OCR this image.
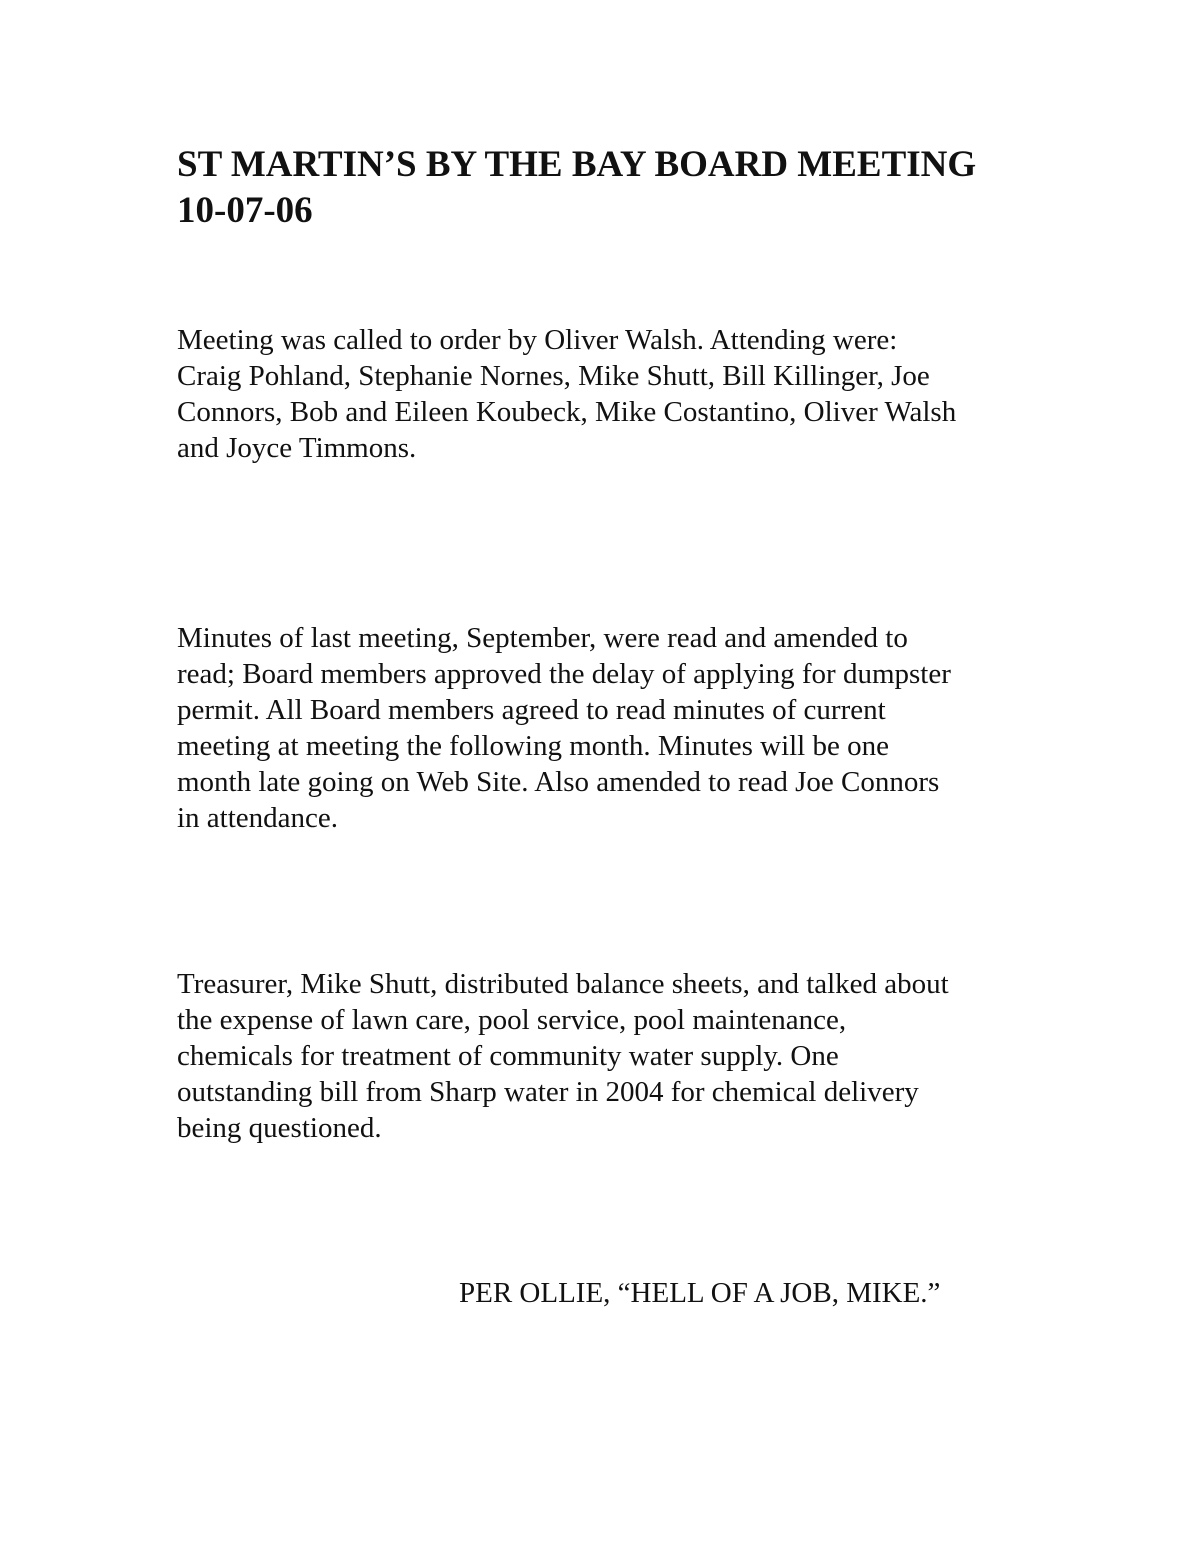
ST MARTIN’S BY THE BAY BOARD MEETING
10-07-06

Meeting was called to order by Oliver Walsh. Attending were:
Craig Pohland, Stephanie Nornes, Mike Shutt, Bill Killinger, Joe
Connors, Bob and Eileen Koubeck, Mike Costantino, Oliver Walsh
and Joyce Timmons.

Minutes of last meeting, September, were read and amended to
read; Board members approved the delay of applying for dumpster
permit. All Board members agreed to read minutes of current
meeting at meeting the following month. Minutes will be one
month late going on Web Site. Also amended to read Joe Connors
in attendance.

Treasurer, Mike Shutt, distributed balance sheets, and talked about
the expense of lawn care, pool service, pool maintenance,
chemicals for treatment of community water supply. One
outstanding bill from Sharp water in 2004 for chemical delivery
being questioned.

PER OLLIE, “HELL OF A JOB, MIKE.”
